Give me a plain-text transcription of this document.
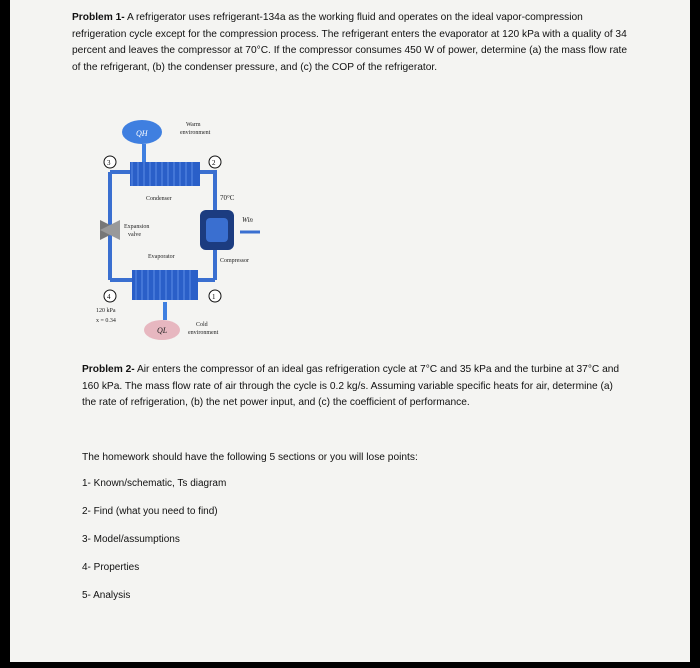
Problem 1- A refrigerator uses refrigerant-134a as the working fluid and operates on the ideal vapor-compression refrigeration cycle except for the compression process. The refrigerant enters the evaporator at 120 kPa with a quality of 34 percent and leaves the compressor at 70°C. If the compressor consumes 450 W of power, determine (a) the mass flow rate of the refrigerant, (b) the condenser pressure, and (c) the COP of the refrigerator.

QH
Warm
environment
Condenser	70°C
3	2
4	1
Expansion
valve
Win
Compressor
Evaporator
120 kPa
x = 0.34
QL
Cold
environment

Problem 2- Air enters the compressor of an ideal gas refrigeration cycle at 7°C and 35 kPa and the turbine at 37°C and 160 kPa. The mass flow rate of air through the cycle is 0.2 kg/s. Assuming variable specific heats for air, determine (a) the rate of refrigeration, (b) the net power input, and (c) the coefficient of performance.

The homework should have the following 5 sections or you will lose points:

1- Known/schematic, Ts diagram
2- Find (what you need to find)
3- Model/assumptions
4- Properties
5- Analysis
